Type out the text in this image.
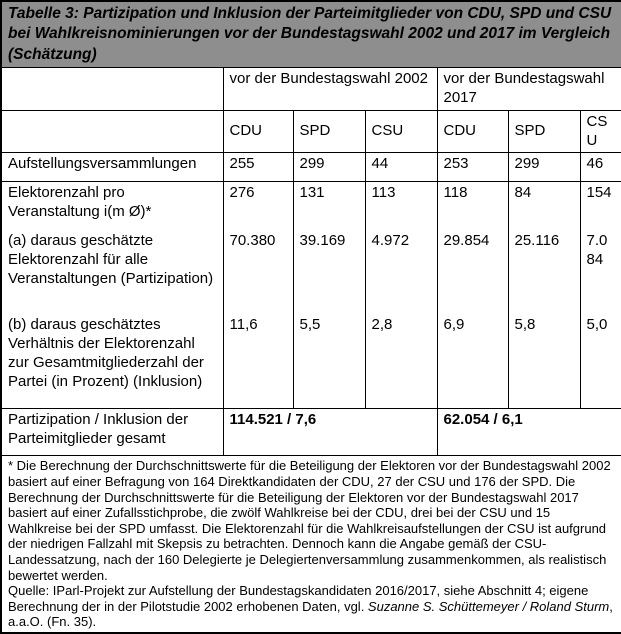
Tabelle 3: Partizipation und Inklusion der Parteimitglieder von CDU, SPD und CSU bei Wahlkreisnominierungen vor der Bundestagswahl 2002 und 2017 im Vergleich (Schätzung)						
	vor der Bundestagswahl 2002			vor der Bundestagswahl 2017		
	CDU	SPD	CSU	CDU	SPD	CSU
Aufstellungsversammlungen	255	299	44	253	299	46
Elektorenzahl pro Veranstaltung i(m Ø)*	276	131	113	118	84	154
(a) daraus geschätzte Elektorenzahl für alle Veranstaltungen (Partizipation)	70.380	39.169	4.972	29.854	25.116	7.084
(b) daraus geschätztes Verhältnis der Elektorenzahl zur Gesamtmitgliederzahl der Partei (in Prozent) (Inklusion)	11,6	5,5	2,8	6,9	5,8	5,0
Partizipation / Inklusion der Parteimitglieder gesamt	114.521 / 7,6			62.054 / 6,1		

* Die Berechnung der Durchschnittswerte für die Beteiligung der Elektoren vor der Bundestagswahl 2002 basiert auf einer Befragung von 164 Direktkandidaten der CDU, 27 der CSU und 176 der SPD. Die Berechnung der Durchschnittswerte für die Beteiligung der Elektoren vor der Bundestagswahl 2017 basiert auf einer Zufallsstichprobe, die zwölf Wahlkreise bei der CDU, drei bei der CSU und 15 Wahlkreise bei der SPD umfasst. Die Elektorenzahl für die Wahlkreisaufstellungen der CSU ist aufgrund der niedrigen Fallzahl mit Skepsis zu betrachten. Dennoch kann die Angabe gemäß der CSU-Landessatzung, nach der 160 Delegierte je Delegiertenversammlung zusammenkommen, als realistisch bewertet werden.

Quelle: IParl-Projekt zur Aufstellung der Bundestagskandidaten 2016/2017, siehe Abschnitt 4; eigene Berechnung der in der Pilotstudie 2002 erhobenen Daten, vgl. Suzanne S. Schüttemeyer / Roland Sturm, a.a.O. (Fn. 35).						
